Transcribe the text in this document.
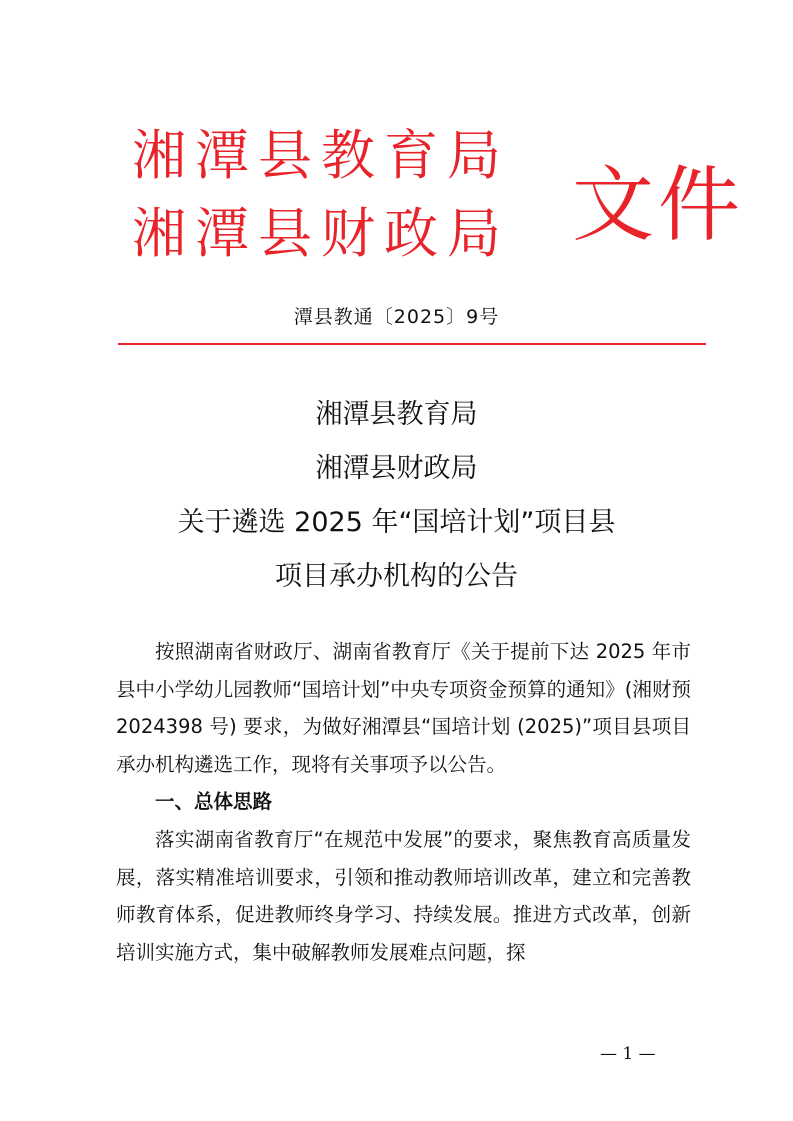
湘潭县教育局
湘潭县财政局 文件
潭县教通〔2025〕9号
湘潭县教育局
湘潭县财政局
关于遴选 2025 年“国培计划”项目县
项目承办机构的公告

按照湖南省财政厅、湖南省教育厅《关于提前下达 2025 年市县中小学幼儿园教师“国培计划”中央专项资金预算的通知》(湘财预 2024398 号) 要求，为做好湘潭县“国培计划 (2025)”项目县项目承办机构遴选工作，现将有关事项予以公告。

一、总体思路

落实湖南省教育厅“在规范中发展”的要求，聚焦教育高质量发展，落实精准培训要求，引领和推动教师培训改革，建立和完善教师教育体系，促进教师终身学习、持续发展。推进方式改革，创新培训实施方式，集中破解教师发展难点问题，探

— 1 —
